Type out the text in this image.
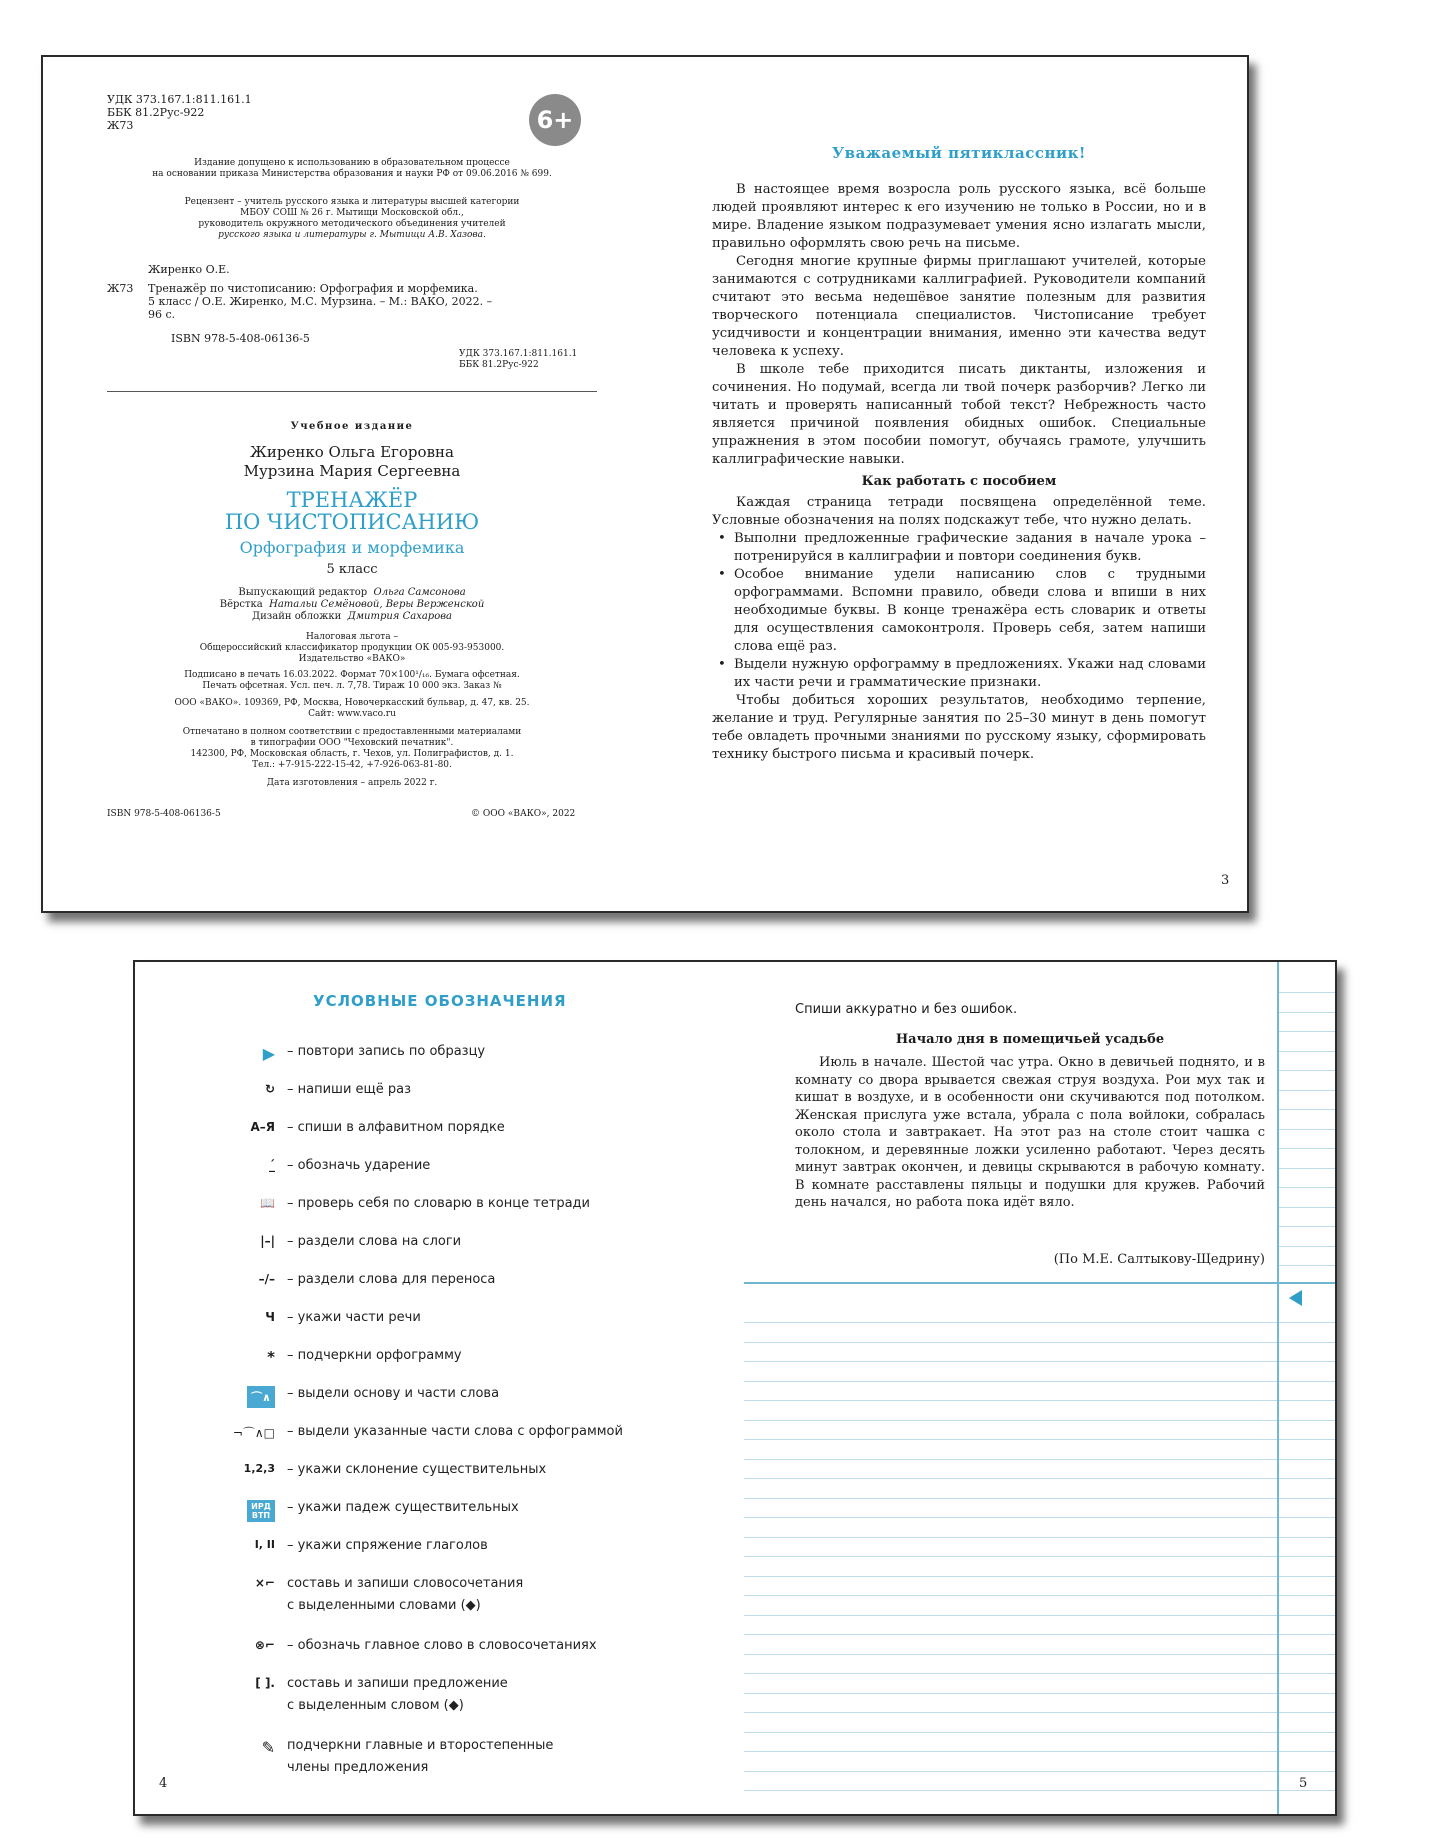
УДК 373.167.1:811.161.1
ББК 81.2Рус-922
Ж73	6+
Издание допущено к использованию в образовательном процессе
на основании приказа Министерства образования и науки РФ от 09.06.2016 № 699.
Рецензент – учитель русского языка и литературы высшей категории
МБОУ СОШ № 26 г. Мытищи Московской обл.,
руководитель окружного методического объединения учителей
русского языка и литературы г. Мытищи А.В. Хазова.
Жиренко О.Е.
Ж73 Тренажёр по чистописанию: Орфография и морфемика.
5 класс / О.Е. Жиренко, М.С. Мурзина. – М.: ВАКО, 2022. –
96 с.
ISBN 978-5-408-06136-5
УДК 373.167.1:811.161.1
ББК 81.2Рус-922
Учебное издание
Жиренко Ольга Егоровна
Мурзина Мария Сергеевна
ТРЕНАЖЁР
ПО ЧИСТОПИСАНИЮ
Орфография и морфемика
5 класс
Выпускающий редактор Ольга Самсонова
Вёрстка Натальи Семёновой, Веры Верженской
Дизайн обложки Дмитрия Сахарова
Налоговая льгота –
Общероссийский классификатор продукции ОК 005-93-953000.
Издательство «ВАКО»
Подписано в печать 16.03.2022. Формат 70×100¹/₁₆. Бумага офсетная.
Печать офсетная. Усл. печ. л. 7,78. Тираж 10 000 экз. Заказ №
ООО «ВАКО». 109369, РФ, Москва, Новочеркасский бульвар, д. 47, кв. 25.
Сайт: www.vaco.ru
Отпечатано в полном соответствии с предоставленными материалами
в типографии ООО "Чеховский печатник".
142300, РФ, Московская область, г. Чехов, ул. Полиграфистов, д. 1.
Тел.: +7-915-222-15-42, +7-926-063-81-80.
Дата изготовления – апрель 2022 г.
ISBN 978-5-408-06136-5	© ООО «ВАКО», 2022
Уважаемый пятиклассник!

В настоящее время возросла роль русского языка, всё больше людей проявляют интерес к его изучению не только в России, но и в мире. Владение языком подразумевает умения ясно излагать мысли, правильно оформлять свою речь на письме.

Сегодня многие крупные фирмы приглашают учителей, которые занимаются с сотрудниками каллиграфией. Руководители компаний считают это весьма недешёвое занятие полезным для развития творческого потенциала специалистов. Чистописание требует усидчивости и концентрации внимания, именно эти качества ведут человека к успеху.

В школе тебе приходится писать диктанты, изложения и сочинения. Но подумай, всегда ли твой почерк разборчив? Легко ли читать и проверять написанный тобой текст? Небрежность часто является причиной появления обидных ошибок. Специальные упражнения в этом пособии помогут, обучаясь грамоте, улучшить каллиграфические навыки.

Как работать с пособием

Каждая страница тетради посвящена определённой теме. Условные обозначения на полях подскажут тебе, что нужно делать.

• Выполни предложенные графические задания в начале урока – потренируйся в каллиграфии и повтори соединения букв.
• Особое внимание удели написанию слов с трудными орфограммами. Вспомни правило, обведи слова и впиши в них необходимые буквы. В конце тренажёра есть словарик и ответы для осуществления самоконтроля. Проверь себя, затем напиши слова ещё раз.
• Выдели нужную орфограмму в предложениях. Укажи над словами их части речи и грамматические признаки.

Чтобы добиться хороших результатов, необходимо терпение, желание и труд. Регулярные занятия по 25–30 минут в день помогут тебе овладеть прочными знаниями по русскому языку, сформировать технику быстрого письма и красивый почерк.

3
УСЛОВНЫЕ ОБОЗНАЧЕНИЯ
▶ – повтори запись по образцу
↻ – напиши ещё раз
А–Я – спиши в алфавитном порядке
_́ – обозначь ударение
📖 – проверь себя по словарю в конце тетради
|–| – раздели слова на слоги
–/– – раздели слова для переноса
Ч – укажи части речи
* – подчеркни орфограмму
⌒∧	– выдели основу и части слова
¬⌒∧□ – выдели указанные части слова с орфограммой
1,2,3 – укажи склонение существительных
ИРД ВТП
– укажи падеж существительных
I, II – укажи спряжение глаголов
×⌐ составь и запиши словосочетания
с выделенными словами (◆)
⊗⌐ – обозначь главное слово в словосочетаниях
[ ]. составь и запиши предложение
с выделенным словом (◆)
✎ подчеркни главные и второстепенные
члены предложения
4
Спиши аккуратно и без ошибок.
Начало дня в помещичьей усадьбе
Июль в начале. Шестой час утра. Окно в девичьей поднято, и в комнату со двора врывается свежая струя воздуха. Рои мух так и кишат в воздухе, и в особенности они скучиваются под потолком. Женская прислуга уже встала, убрала с пола войлоки, собралась около стола и завтракает. На этот раз на столе стоит чашка с толокном, и деревянные ложки усиленно работают. Через десять минут завтрак окончен, и девицы скрываются в рабочую комнату. В комнате расставлены пяльцы и подушки для кружев. Рабочий день начался, но работа пока идёт вяло.
(По М.Е. Салтыкову-Щедрину)
5
